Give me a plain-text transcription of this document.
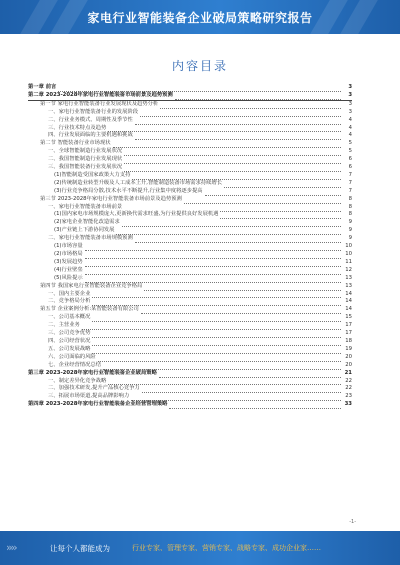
家电行业智能装备企业破局策略研究报告
内容目录
第一章 前言	3
第二章 2023-2028年家电行业智能装备市场前景及趋势预测	3
第一节 家电行业智能装备行业发展现状及趋势分析	3
一、家电行业智能装备行业的发展阶段	3
二、行业业务模式、周期性及季节性	4
三、行业技术特点及趋势	4
四、行业发展面临的主要机遇和挑战	4
第二节 智能装备行业市场现状	5
一、全球智能制造行业发展状况	5
二、我国智能制造行业发展现状	6
三、我国智能装备行业发展状况	6
(1)智能制造受国家政策大力支持	7
(2)传统制造业转型升级及人工成本上升,智能制造装备市场需求持续增长	7
(3)行业竞争格局分散,技术水平不断提升,行业集中度将逐步提高	7
第三节 2023-2028年家电行业智能装备市场前景及趋势预测	8
一、家电行业智能装备市场前景	8
(1)国内家电市场规模庞大,更新换代需求旺盛,为行业提供良好发展机遇	8
(2)家电企业智能化改造需求	9
(3)产业链上下游协同发展	9
二、家电行业智能装备市场规模预测	9
(1)市场容量	10
(2)市场格局	10
(3)发展趋势	11
(4)行业壁垒	12
(5)风险提示	13
第四节 我国家电行业智能装备企业竞争格局	13
一、国内主要企业	14
二、竞争格局分析	14
第五节 企业案例分析:某智能装备有限公司	14
一、公司基本概况	15
二、主营业务	17
三、公司竞争优势	17
四、公司经营状况	18
五、公司发展战略	19
六、公司面临的风险	20
七、企业经营情况总结	20
第三章 2023-2028年家电行业智能装备企业破局策略	21
一、制定差异化竞争战略	22
二、加强技术研发,提升产品核心竞争力	22
三、拓展市场渠道,提高品牌影响力	23
第四章 2023-2028年家电行业智能装备企业经营管理策略	33
-1-
››››	让每个人都能成为	行业专家、管理专家、营销专家、战略专家、成功企业家……
